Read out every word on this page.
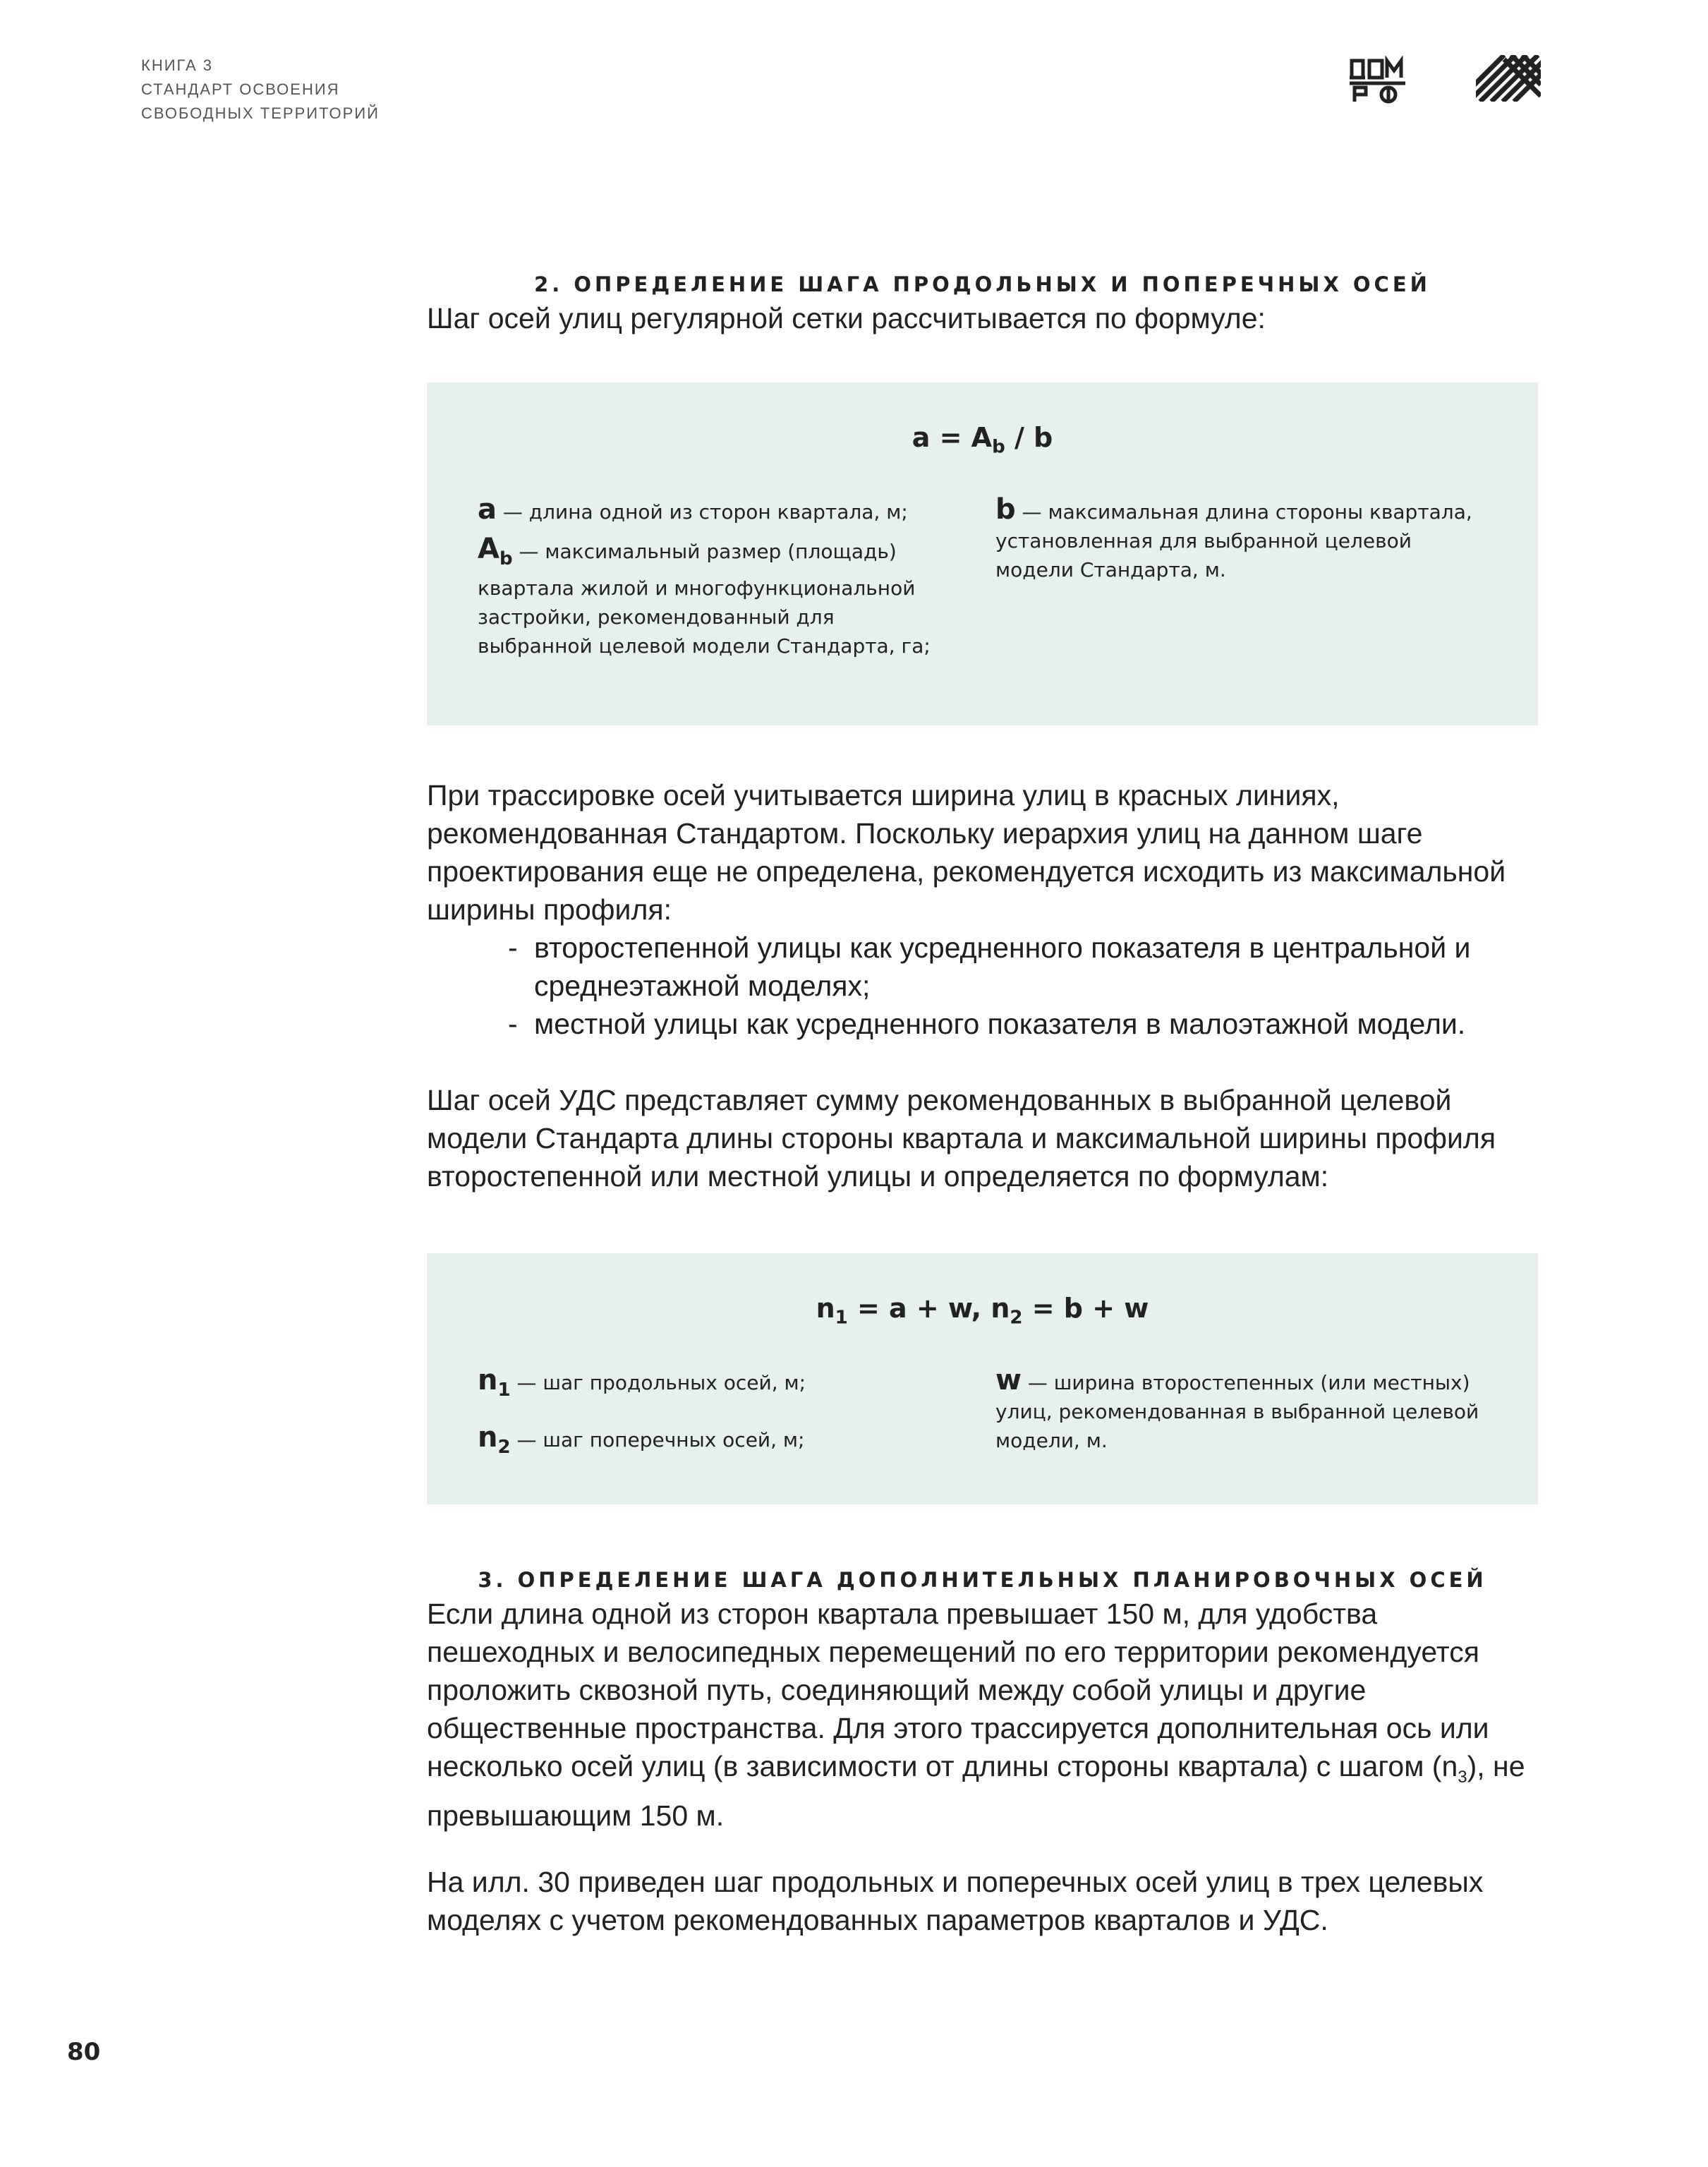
КНИГА 3
СТАНДАРТ ОСВОЕНИЯ
СВОБОДНЫХ ТЕРРИТОРИЙ
2. ОПРЕДЕЛЕНИЕ ШАГА ПРОДОЛЬНЫХ И ПОПЕРЕЧНЫХ ОСЕЙ

Шаг осей улиц регулярной сетки рассчитывается по формуле:

$a = A_b / b$
a — длина одной из сторон квартала, м;
$A_b$ — максимальный размер (площадь) квартала жилой и многофункциональной застройки, рекомендованный для выбранной целевой модели Стандарта, га;
b — максимальная длина стороны квартала, установленная для выбранной целевой модели Стандарта, м.

При трассировке осей учитывается ширина улиц в красных линиях, рекомендованная Стандартом. Поскольку иерархия улиц на данном шаге проектирования еще не определена, рекомендуется исходить из максимальной ширины профиля:

- второстепенной улицы как усредненного показателя в центральной и среднеэтажной моделях;
- местной улицы как усредненного показателя в малоэтажной модели.

Шаг осей УДС представляет сумму рекомендованных в выбранной целевой модели Стандарта длины стороны квартала и максимальной ширины профиля второстепенной или местной улицы и определяется по формулам:

$n_1 = a + w$, $n_2 = b + w$
$n_1$ — шаг продольных осей, м;
$n_2$ — шаг поперечных осей, м;
w — ширина второстепенных (или местных) улиц, рекомендованная в выбранной целевой модели, м.
3. ОПРЕДЕЛЕНИЕ ШАГА ДОПОЛНИТЕЛЬНЫХ ПЛАНИРОВОЧНЫХ ОСЕЙ

Если длина одной из сторон квартала превышает 150 м, для удобства пешеходных и велосипедных перемещений по его территории рекомендуется проложить сквозной путь, соединяющий между собой улицы и другие общественные пространства. Для этого трассируется дополнительная ось или несколько осей улиц (в зависимости от длины стороны квартала) с шагом $(n_3)$, не превышающим 150 м.

На илл. 30 приведен шаг продольных и поперечных осей улиц в трех целевых моделях с учетом рекомендованных параметров кварталов и УДС.

80
